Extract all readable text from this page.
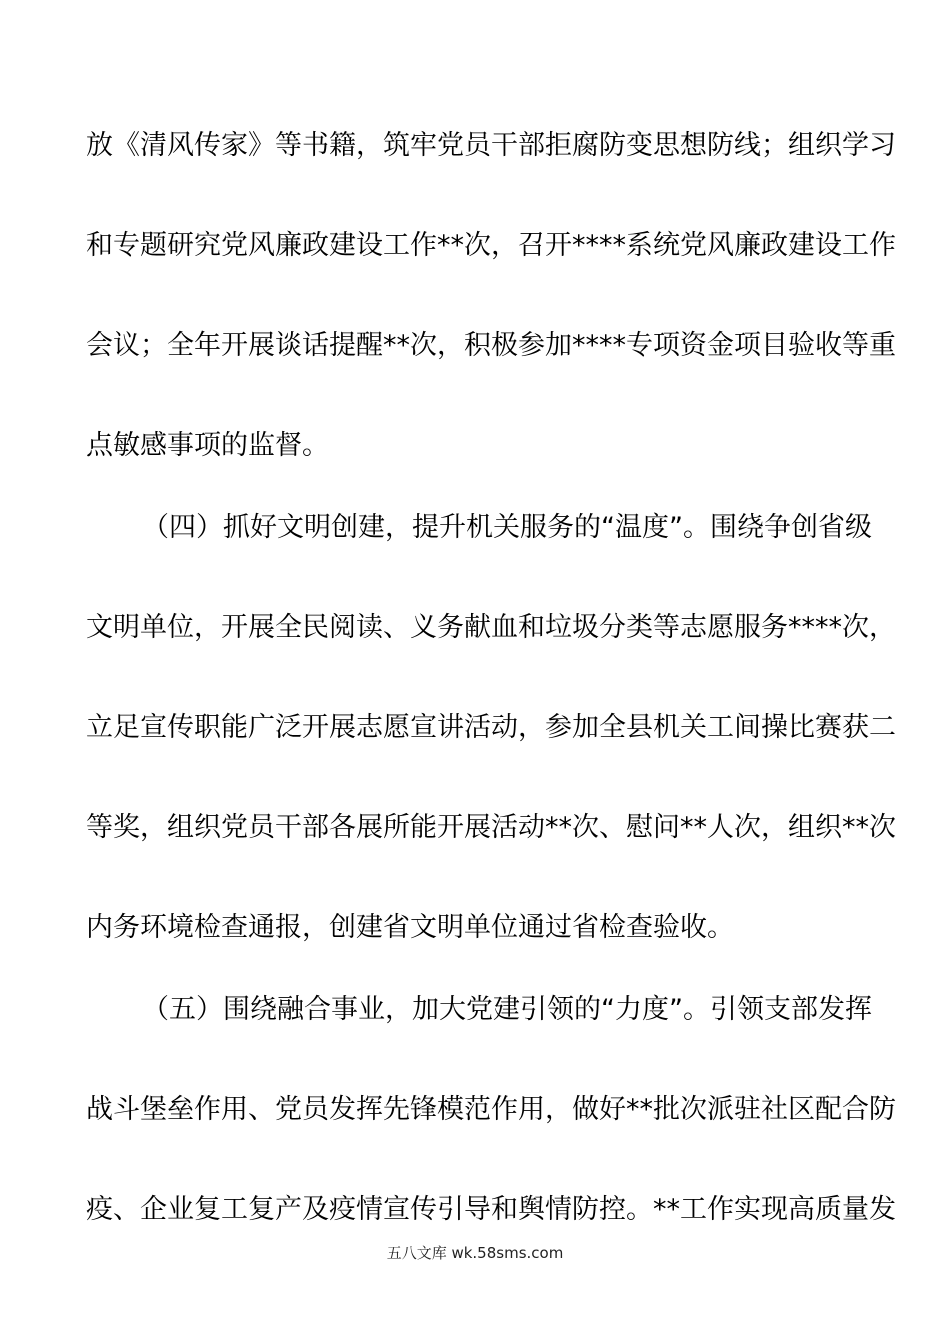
放《清风传家》等书籍，筑牢党员干部拒腐防变思想防线；组织学习
和专题研究党风廉政建设工作**次，召开****系统党风廉政建设工作
会议；全年开展谈话提醒**次，积极参加****专项资金项目验收等重
点敏感事项的监督。
（四）抓好文明创建，提升机关服务的“温度”。围绕争创省级
文明单位，开展全民阅读、义务献血和垃圾分类等志愿服务****次，
立足宣传职能广泛开展志愿宣讲活动，参加全县机关工间操比赛获二
等奖，组织党员干部各展所能开展活动**次、慰问**人次，组织**次
内务环境检查通报，创建省文明单位通过省检查验收。
（五）围绕融合事业，加大党建引领的“力度”。引领支部发挥
战斗堡垒作用、党员发挥先锋模范作用，做好**批次派驻社区配合防
疫、企业复工复产及疫情宣传引导和舆情防控。**工作实现高质量发
五八文库 wk.58sms.com
